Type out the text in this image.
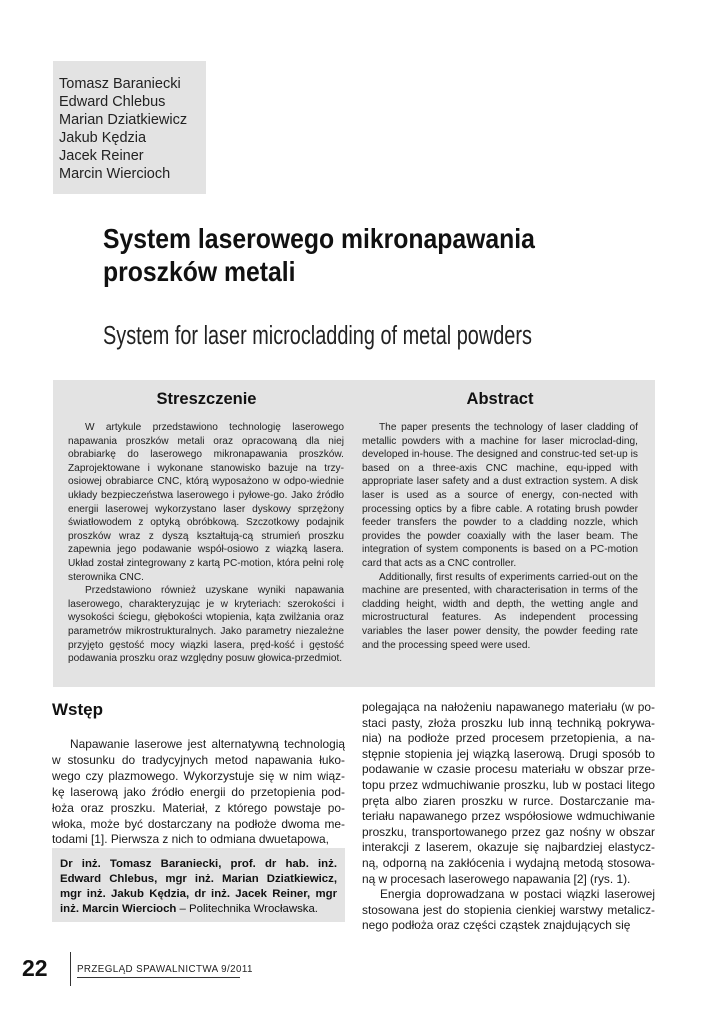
Tomasz Baraniecki
Edward Chlebus
Marian Dziatkiewicz
Jakub Kędzia
Jacek Reiner
Marcin Wiercioch
System laserowego mikronapawania proszków metali
System for laser microcladding of metal powders
Streszczenie

W artykule przedstawiono technologię laserowego napawania proszków metali oraz opracowaną dla niej obrabiarkę do laserowego mikronapawania proszków. Zaprojektowane i wykonane stanowisko bazuje na trzy-osiowej obrabiarce CNC, którą wyposażono w odpo-wiednie układy bezpieczeństwa laserowego i pyłowe-go. Jako źródło energii laserowej wykorzystano laser dyskowy sprzężony światłowodem z optyką obróbkową. Szczotkowy podajnik proszków wraz z dyszą kształtują-cą strumień proszku zapewnia jego podawanie współ-osiowo z wiązką lasera. Układ został zintegrowany z kartą PC-motion, która pełni rolę sterownika CNC.

Przedstawiono również uzyskane wyniki napawania laserowego, charakteryzując je w kryteriach: szerokości i wysokości ściegu, głębokości wtopienia, kąta zwilżania oraz parametrów mikrostrukturalnych. Jako parametry niezależne przyjęto gęstość mocy wiązki lasera, pręd-kość i gęstość podawania proszku oraz względny posuw głowica-przedmiot.

Abstract

The paper presents the technology of laser cladding of metallic powders with a machine for laser microclad-ding, developed in-house. The designed and construc-ted set-up is based on a three-axis CNC machine, equ-ipped with appropriate laser safety and a dust extraction system. A disk laser is used as a source of energy, con-nected with processing optics by a fibre cable. A rotating brush powder feeder transfers the powder to a cladding nozzle, which provides the powder coaxially with the laser beam. The integration of system components is based on a PC-motion card that acts as a CNC controller.

Additionally, first results of experiments carried-out on the machine are presented, with characterisation in terms of the cladding height, width and depth, the wetting angle and microstructural features. As independent processing variables the laser power density, the powder feeding rate and the processing speed were used.

Wstęp

Napawanie laserowe jest alternatywną technologią w stosunku do tradycyjnych metod napawania łuko-wego czy plazmowego. Wykorzystuje się w nim wiąz-kę laserową jako źródło energii do przetopienia pod-łoża oraz proszku. Materiał, z którego powstaje po-włoka, może być dostarczany na podłoże dwoma me-todami [1]. Pierwsza z nich to odmiana dwuetapowa,

Dr inż. Tomasz Baraniecki, prof. dr hab. inż. Edward Chlebus, mgr inż. Marian Dziatkiewicz, mgr inż. Jakub Kędzia, dr inż. Jacek Reiner, mgr inż. Marcin Wiercioch – Politechnika Wrocławska.

polegająca na nałożeniu napawanego materiału (w po-staci pasty, złoża proszku lub inną techniką pokrywa-nia) na podłoże przed procesem przetopienia, a na-stępnie stopienia jej wiązką laserową. Drugi sposób to podawanie w czasie procesu materiału w obszar prze-topu przez wdmuchiwanie proszku, lub w postaci litego pręta albo ziaren proszku w rurce. Dostarczanie ma-teriału napawanego przez współosiowe wdmuchiwanie proszku, transportowanego przez gaz nośny w obszar interakcji z laserem, okazuje się najbardziej elastycz-ną, odporną na zakłócenia i wydajną metodą stosowa-ną w procesach laserowego napawania [2] (rys. 1).

Energia doprowadzana w postaci wiązki laserowej stosowana jest do stopienia cienkiej warstwy metalicz-nego podłoża oraz części cząstek znajdujących się

22	PRZEGLĄD SPAWALNICTWA 9/2011
